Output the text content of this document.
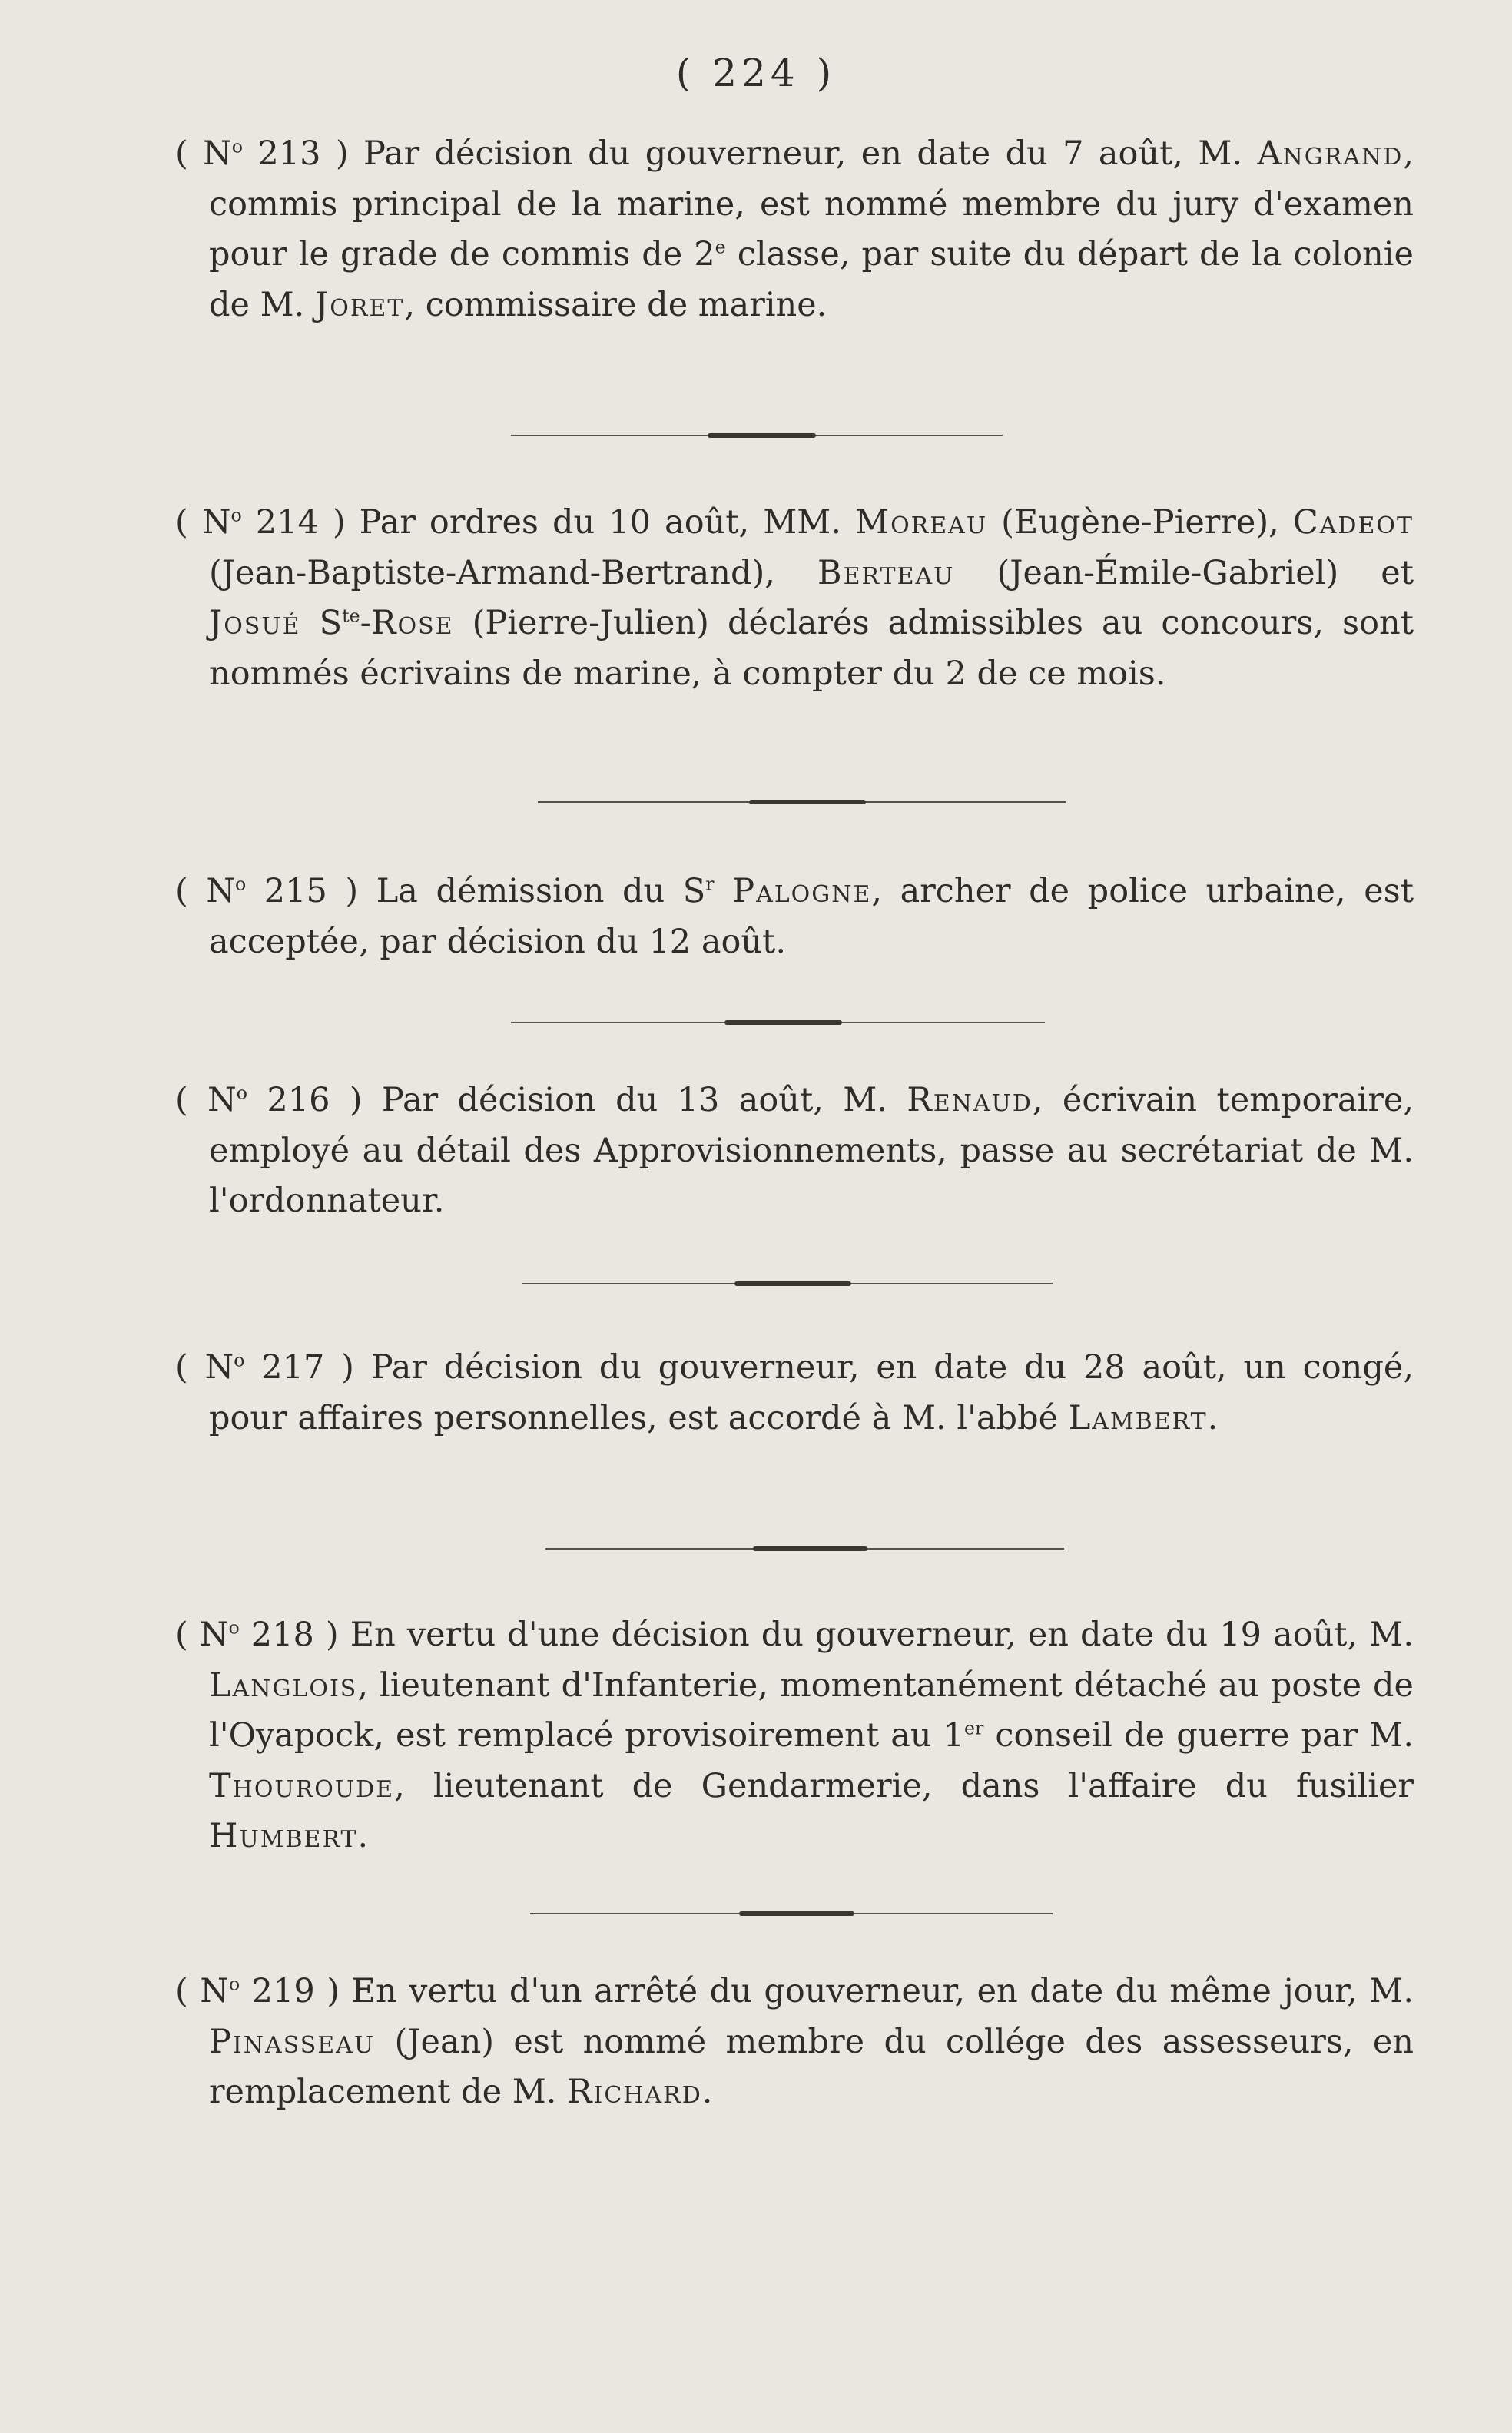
( 224 )

( $N^o$ 213 ) Par décision du gouverneur, en date du 7 août, M. Angrand, commis principal de la marine, est nommé membre du jury d'examen pour le grade de commis de 2e classe, par suite du départ de la colonie de M. Joret, commissaire de marine.

( $N^o$ 214 ) Par ordres du 10 août, MM. Moreau (Eugène-Pierre), Cadeot (Jean-Baptiste-Armand-Bertrand), Berteau (Jean-Émile-Gabriel) et Josué $S^{te}$-Rose (Pierre-Julien) déclarés admissibles au concours, sont nommés écrivains de marine, à compter du 2 de ce mois.

( $N^o$ 215 ) La démission du $S^r$ Palogne, archer de police urbaine, est acceptée, par décision du 12 août.

( $N^o$ 216 ) Par décision du 13 août, M. Renaud, écrivain temporaire, employé au détail des Approvisionnements, passe au secrétariat de M. l'ordonnateur.

( $N^o$ 217 ) Par décision du gouverneur, en date du 28 août, un congé, pour affaires personnelles, est accordé à M. l'abbé Lambert.

( $N^o$ 218 ) En vertu d'une décision du gouverneur, en date du 19 août, M. Langlois, lieutenant d'Infanterie, momentanément détaché au poste de l'Oyapock, est remplacé provisoirement au 1er conseil de guerre par M. Thouroude, lieutenant de Gendarmerie, dans l'affaire du fusilier Humbert.

( $N^o$ 219 ) En vertu d'un arrêté du gouverneur, en date du même jour, M. Pinasseau (Jean) est nommé membre du collége des assesseurs, en remplacement de M. Richard.
